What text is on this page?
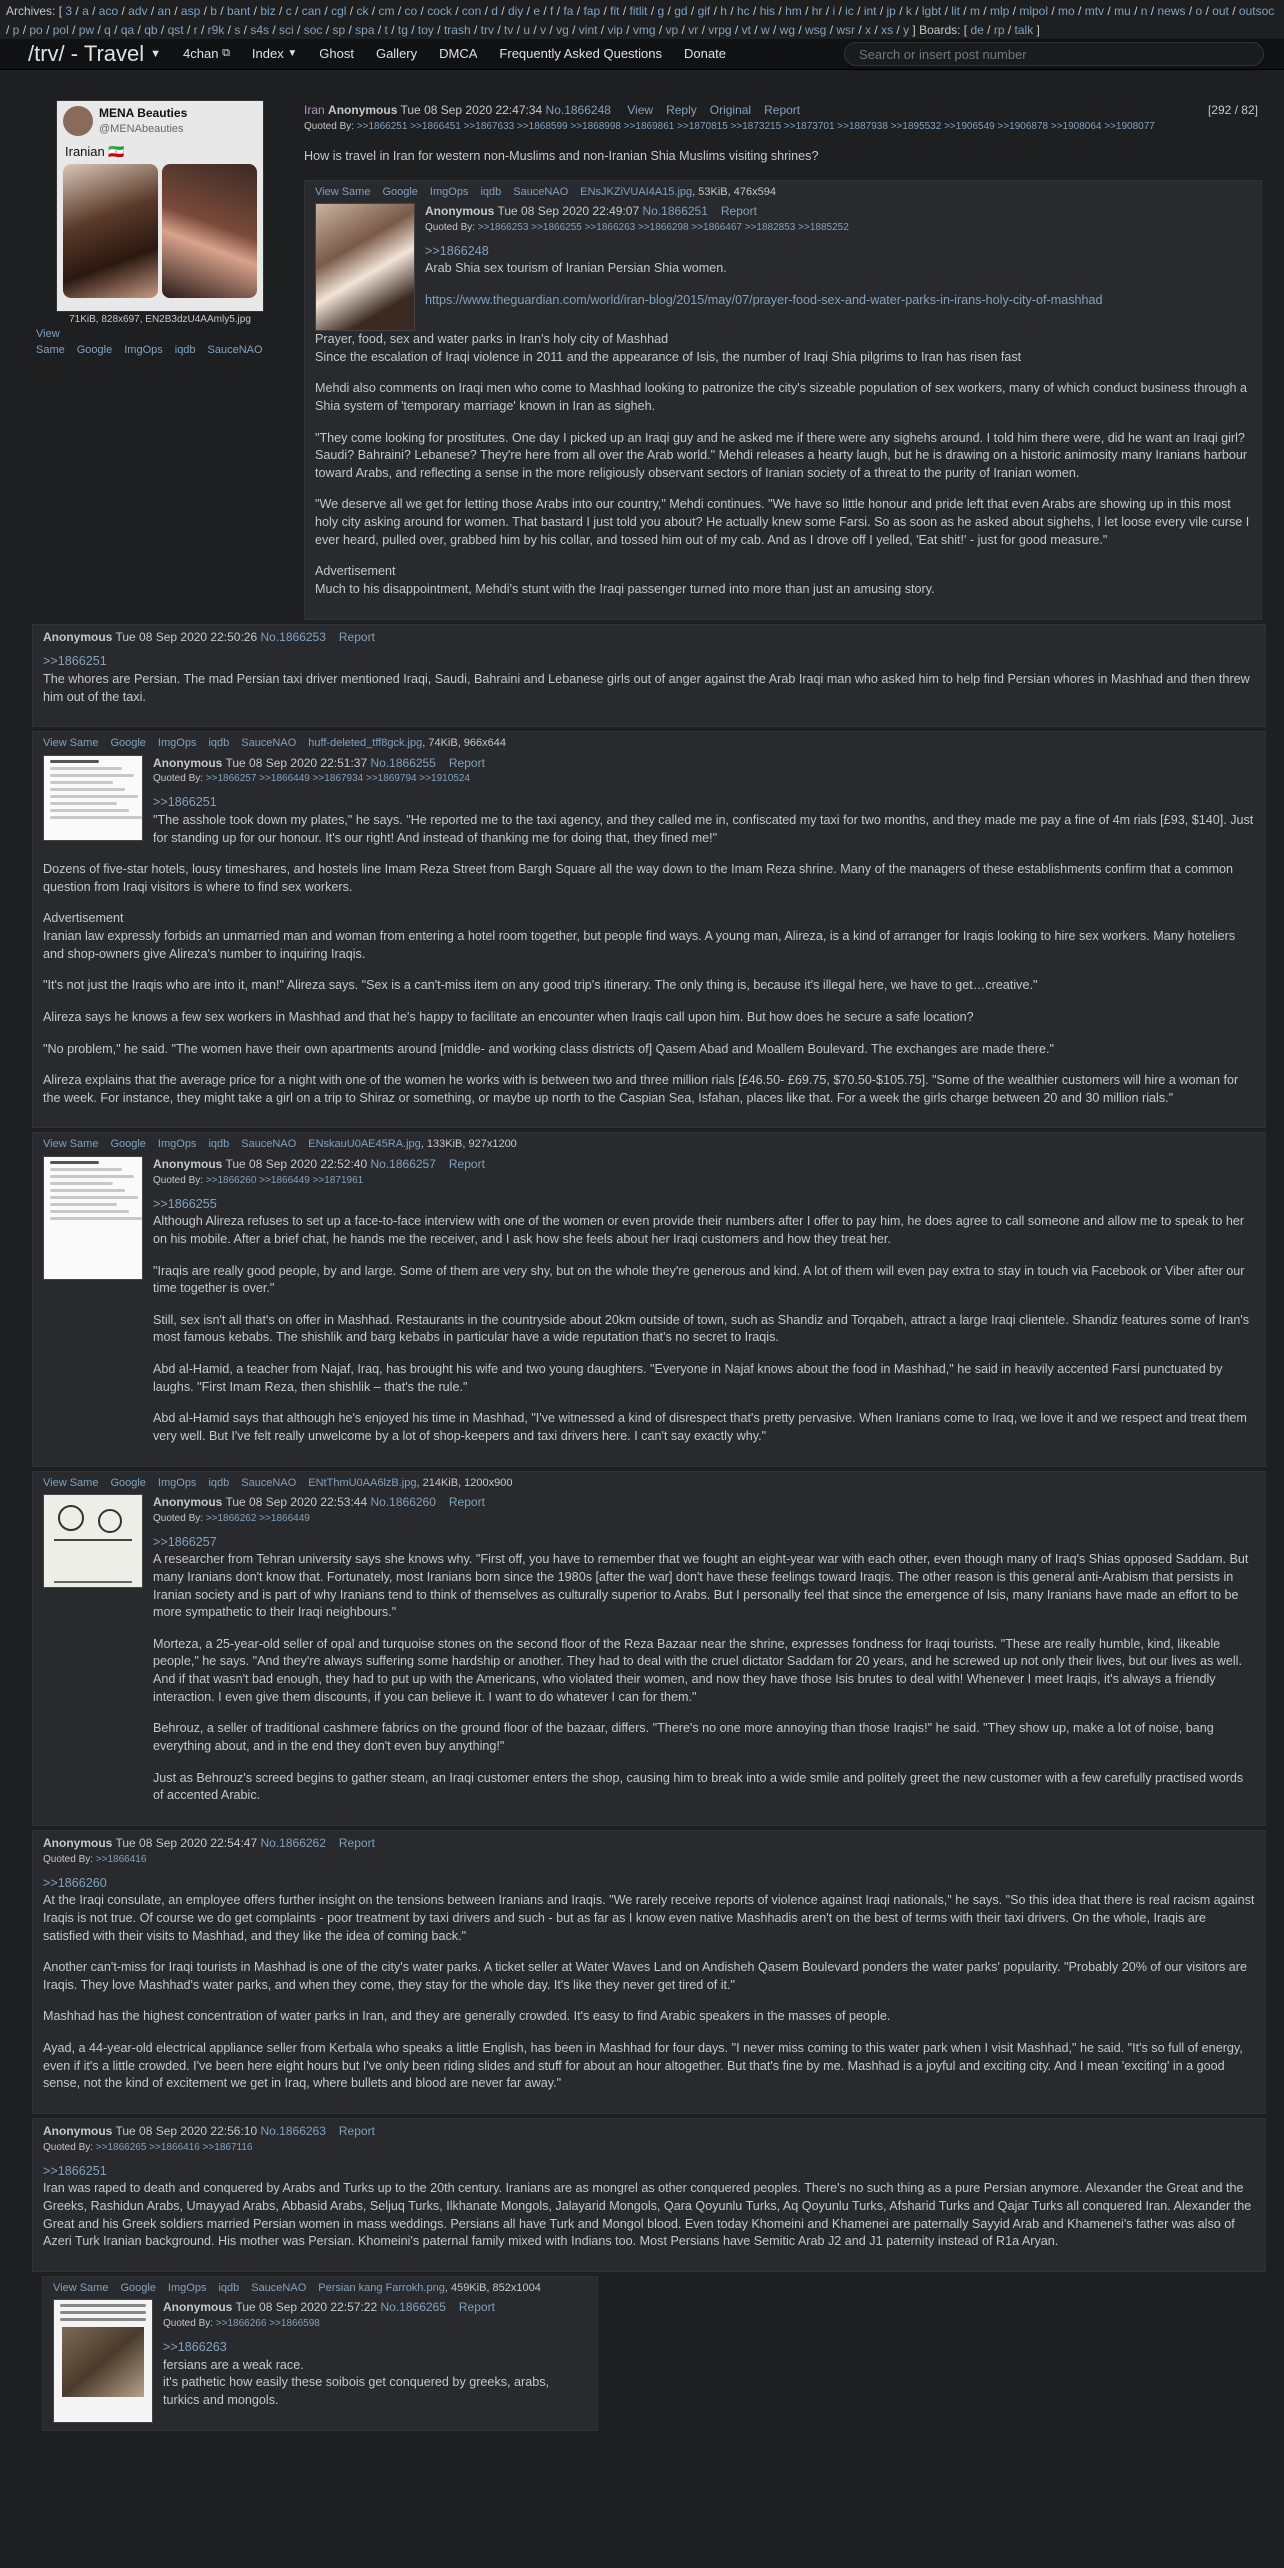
Archives: [ 3 / a / aco / adv / an / asp / b / bant / biz / c / can / cgl / ck / cm / co / cock / con / d / diy / e / f / fa / fap / fit / fitlit / g / gd / gif / h / hc / his / hm / hr / i / ic / int / jp / k / lgbt / lit / m / mlp / mlpol / mo / mtv / mu / n / news / o / out / outsoc / p / po / pol / pw / q / qa / qb / qst / r / r9k / s / s4s / sci / soc / sp / spa / t / tg / toy / trash / trv / tv / u / v / vg / vint / vip / vmg / vp / vr / vrpg / vt / w / wg / wsg / wsr / x / xs / y ] Boards: [ de / rp / talk ]
/trv/ - Travel ▼ 4chan
⧉ Index
▼ Ghost Gallery DMCA Frequently Asked Questions Donate
Search or insert post number
MENA Beauties
@MENAbeauties
Iranian 🇮🇷
71KiB, 828x697, EN2B3dzU4AAmly5.jpg
View Same Google ImgOps iqdb SauceNAO
Iran Anonymous Tue 08 Sep 2020 22:47:34 No.1866248 View Reply Original Report	[292 / 82]
Quoted By: >>1866251 >>1866451 >>1867633 >>1868599 >>1868998 >>1869861 >>1870815 >>1873215 >>1873701 >>1887938 >>1895532 >>1906549 >>1906878 >>1908064 >>1908077
How is travel in Iran for western non-Muslims and non-Iranian Shia Muslims visiting shrines?
View Same Google ImgOps iqdb SauceNAO ENsJKZiVUAI4A15.jpg, 53KiB, 476x594
Anonymous Tue 08 Sep 2020 22:49:07 No.1866251 Report
Quoted By: >>1866253 >>1866255 >>1866263 >>1866298 >>1866467 >>1882853 >>1885252
>>1866248

Arab Shia sex tourism of Iranian Persian Shia women.

https://www.theguardian.com/world/iran-blog/2015/may/07/prayer-food-sex-and-water-parks-in-irans-holy-city-of-mashhad

Prayer, food, sex and water parks in Iran's holy city of Mashhad
Since the escalation of Iraqi violence in 2011 and the appearance of Isis, the number of Iraqi Shia pilgrims to Iran has risen fast

Mehdi also comments on Iraqi men who come to Mashhad looking to patronize the city's sizeable population of sex workers, many of which conduct business through a Shia system of 'temporary marriage' known in Iran as sigheh.

"They come looking for prostitutes. One day I picked up an Iraqi guy and he asked me if there were any sighehs around. I told him there were, did he want an Iraqi girl? Saudi? Bahraini? Lebanese? They're here from all over the Arab world." Mehdi releases a hearty laugh, but he is drawing on a historic animosity many Iranians harbour toward Arabs, and reflecting a sense in the more religiously observant sectors of Iranian society of a threat to the purity of Iranian women.

"We deserve all we get for letting those Arabs into our country," Mehdi continues. "We have so little honour and pride left that even Arabs are showing up in this most holy city asking around for women. That bastard I just told you about? He actually knew some Farsi. So as soon as he asked about sighehs, I let loose every vile curse I ever heard, pulled over, grabbed him by his collar, and tossed him out of my cab. And as I drove off I yelled, 'Eat shit!' - just for good measure."

Advertisement
Much to his disappointment, Mehdi's stunt with the Iraqi passenger turned into more than just an amusing story.

Anonymous Tue 08 Sep 2020 22:50:26 No.1866253 Report
>>1866251

The whores are Persian. The mad Persian taxi driver mentioned Iraqi, Saudi, Bahraini and Lebanese girls out of anger against the Arab Iraqi man who asked him to help find Persian whores in Mashhad and then threw him out of the taxi.

View Same Google ImgOps iqdb SauceNAO huff-deleted_tff8gck.jpg, 74KiB, 966x644
Anonymous Tue 08 Sep 2020 22:51:37 No.1866255 Report
Quoted By: >>1866257 >>1866449 >>1867934 >>1869794 >>1910524
>>1866251

"The asshole took down my plates," he says. "He reported me to the taxi agency, and they called me in, confiscated my taxi for two months, and they made me pay a fine of 4m rials [£93, $140]. Just for standing up for our honour. It's our right! And instead of thanking me for doing that, they fined me!"

Dozens of five-star hotels, lousy timeshares, and hostels line Imam Reza Street from Bargh Square all the way down to the Imam Reza shrine. Many of the managers of these establishments confirm that a common question from Iraqi visitors is where to find sex workers.

Advertisement
Iranian law expressly forbids an unmarried man and woman from entering a hotel room together, but people find ways. A young man, Alireza, is a kind of arranger for Iraqis looking to hire sex workers. Many hoteliers and shop-owners give Alireza's number to inquiring Iraqis.

"It's not just the Iraqis who are into it, man!" Alireza says. "Sex is a can't-miss item on any good trip's itinerary. The only thing is, because it's illegal here, we have to get…creative."

Alireza says he knows a few sex workers in Mashhad and that he's happy to facilitate an encounter when Iraqis call upon him. But how does he secure a safe location?

"No problem," he said. "The women have their own apartments around [middle- and working class districts of] Qasem Abad and Moallem Boulevard. The exchanges are made there."

Alireza explains that the average price for a night with one of the women he works with is between two and three million rials [£46.50- £69.75, $70.50-$105.75]. "Some of the wealthier customers will hire a woman for the week. For instance, they might take a girl on a trip to Shiraz or something, or maybe up north to the Caspian Sea, Isfahan, places like that. For a week the girls charge between 20 and 30 million rials."

View Same Google ImgOps iqdb SauceNAO ENskauU0AE45RA.jpg, 133KiB, 927x1200
Anonymous Tue 08 Sep 2020 22:52:40 No.1866257 Report
Quoted By: >>1866260 >>1866449 >>1871961
>>1866255

Although Alireza refuses to set up a face-to-face interview with one of the women or even provide their numbers after I offer to pay him, he does agree to call someone and allow me to speak to her on his mobile. After a brief chat, he hands me the receiver, and I ask how she feels about her Iraqi customers and how they treat her.

"Iraqis are really good people, by and large. Some of them are very shy, but on the whole they're generous and kind. A lot of them will even pay extra to stay in touch via Facebook or Viber after our time together is over."

Still, sex isn't all that's on offer in Mashhad. Restaurants in the countryside about 20km outside of town, such as Shandiz and Torqabeh, attract a large Iraqi clientele. Shandiz features some of Iran's most famous kebabs. The shishlik and barg kebabs in particular have a wide reputation that's no secret to Iraqis.

Abd al-Hamid, a teacher from Najaf, Iraq, has brought his wife and two young daughters. "Everyone in Najaf knows about the food in Mashhad," he said in heavily accented Farsi punctuated by laughs. "First Imam Reza, then shishlik – that's the rule."

Abd al-Hamid says that although he's enjoyed his time in Mashhad, "I've witnessed a kind of disrespect that's pretty pervasive. When Iranians come to Iraq, we love it and we respect and treat them very well. But I've felt really unwelcome by a lot of shop-keepers and taxi drivers here. I can't say exactly why."

View Same Google ImgOps iqdb SauceNAO ENtThmU0AA6lzB.jpg, 214KiB, 1200x900
Anonymous Tue 08 Sep 2020 22:53:44 No.1866260 Report
Quoted By: >>1866262 >>1866449
>>1866257

A researcher from Tehran university says she knows why. "First off, you have to remember that we fought an eight-year war with each other, even though many of Iraq's Shias opposed Saddam. But many Iranians don't know that. Fortunately, most Iranians born since the 1980s [after the war] don't have these feelings toward Iraqis. The other reason is this general anti-Arabism that persists in Iranian society and is part of why Iranians tend to think of themselves as culturally superior to Arabs. But I personally feel that since the emergence of Isis, many Iranians have made an effort to be more sympathetic to their Iraqi neighbours."

Morteza, a 25-year-old seller of opal and turquoise stones on the second floor of the Reza Bazaar near the shrine, expresses fondness for Iraqi tourists. "These are really humble, kind, likeable people," he says. "And they're always suffering some hardship or another. They had to deal with the cruel dictator Saddam for 20 years, and he screwed up not only their lives, but our lives as well. And if that wasn't bad enough, they had to put up with the Americans, who violated their women, and now they have those Isis brutes to deal with! Whenever I meet Iraqis, it's always a friendly interaction. I even give them discounts, if you can believe it. I want to do whatever I can for them."

Behrouz, a seller of traditional cashmere fabrics on the ground floor of the bazaar, differs. "There's no one more annoying than those Iraqis!" he said. "They show up, make a lot of noise, bang everything about, and in the end they don't even buy anything!"

Just as Behrouz's screed begins to gather steam, an Iraqi customer enters the shop, causing him to break into a wide smile and politely greet the new customer with a few carefully practised words of accented Arabic.

Anonymous Tue 08 Sep 2020 22:54:47 No.1866262 Report
Quoted By: >>1866416
>>1866260

At the Iraqi consulate, an employee offers further insight on the tensions between Iranians and Iraqis. "We rarely receive reports of violence against Iraqi nationals," he says. "So this idea that there is real racism against Iraqis is not true. Of course we do get complaints - poor treatment by taxi drivers and such - but as far as I know even native Mashhadis aren't on the best of terms with their taxi drivers. On the whole, Iraqis are satisfied with their visits to Mashhad, and they like the idea of coming back."

Another can't-miss for Iraqi tourists in Mashhad is one of the city's water parks. A ticket seller at Water Waves Land on Andisheh Qasem Boulevard ponders the water parks' popularity. "Probably 20% of our visitors are Iraqis. They love Mashhad's water parks, and when they come, they stay for the whole day. It's like they never get tired of it."

Mashhad has the highest concentration of water parks in Iran, and they are generally crowded. It's easy to find Arabic speakers in the masses of people.

Ayad, a 44-year-old electrical appliance seller from Kerbala who speaks a little English, has been in Mashhad for four days. "I never miss coming to this water park when I visit Mashhad," he said. "It's so full of energy, even if it's a little crowded. I've been here eight hours but I've only been riding slides and stuff for about an hour altogether. But that's fine by me. Mashhad is a joyful and exciting city. And I mean 'exciting' in a good sense, not the kind of excitement we get in Iraq, where bullets and blood are never far away."

Anonymous Tue 08 Sep 2020 22:56:10 No.1866263 Report
Quoted By: >>1866265 >>1866416 >>1867116
>>1866251

Iran was raped to death and conquered by Arabs and Turks up to the 20th century. Iranians are as mongrel as other conquered peoples. There's no such thing as a pure Persian anymore. Alexander the Great and the Greeks, Rashidun Arabs, Umayyad Arabs, Abbasid Arabs, Seljuq Turks, Ilkhanate Mongols, Jalayarid Mongols, Qara Qoyunlu Turks, Aq Qoyunlu Turks, Afsharid Turks and Qajar Turks all conquered Iran. Alexander the Great and his Greek soldiers married Persian women in mass weddings. Persians all have Turk and Mongol blood. Even today Khomeini and Khamenei are paternally Sayyid Arab and Khamenei's father was also of Azeri Turk Iranian background. His mother was Persian. Khomeini's paternal family mixed with Indians too. Most Persians have Semitic Arab J2 and J1 paternity instead of R1a Aryan.

View Same Google ImgOps iqdb SauceNAO Persian kang Farrokh.png, 459KiB, 852x1004
Anonymous Tue 08 Sep 2020 22:57:22 No.1866265 Report
Quoted By: >>1866266 >>1866598
>>1866263

fersians are a weak race.
it's pathetic how easily these soibois get conquered by greeks, arabs, turkics and mongols.
